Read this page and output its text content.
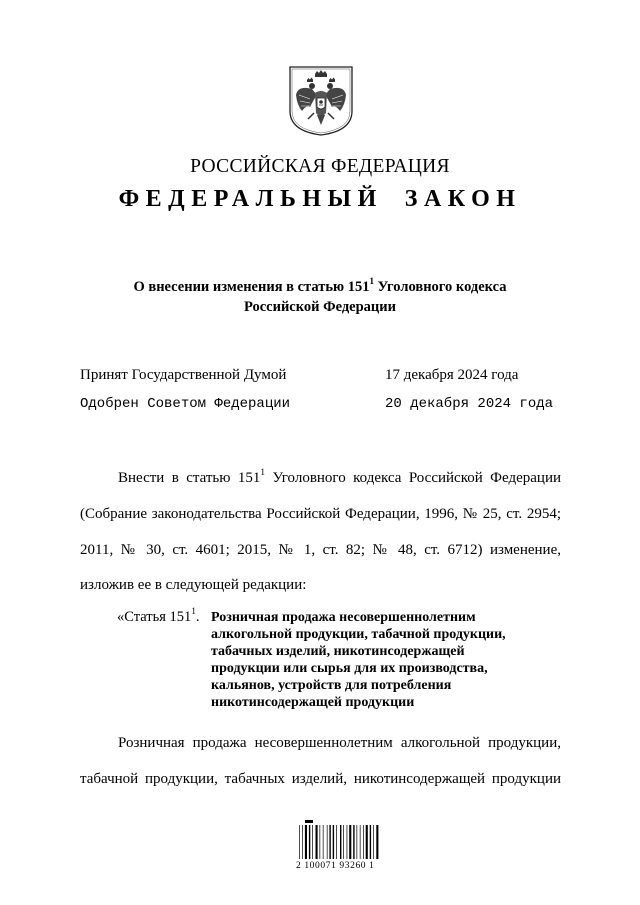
РОССИЙСКАЯ ФЕДЕРАЦИЯ
ФЕДЕРАЛЬНЫЙ ЗАКОН
О внесении изменения в статью $151^1$ Уголовного кодекса
Российской Федерации
Принят Государственной Думой	17 декабря 2024 года
Одобрен Советом Федерации	20 декабря 2024 года
Внести в статью $151^1$ Уголовного кодекса Российской Федерации
(Собрание законодательства Российской Федерации, 1996, № 25, ст. 2954;
2011, № 30, ст. 4601; 2015, № 1, ст. 82; № 48, ст. 6712) изменение,
изложив ее в следующей редакции:
«Статья $151^1$. Розничная продажа несовершеннолетним
алкогольной продукции, табачной продукции,
табачных изделий, никотинсодержащей
продукции или сырья для их производства,
кальянов, устройств для потребления
никотинсодержащей продукции
Розничная продажа несовершеннолетним алкогольной продукции,
табачной продукции, табачных изделий, никотинсодержащей продукции
2 100071 93260 1
